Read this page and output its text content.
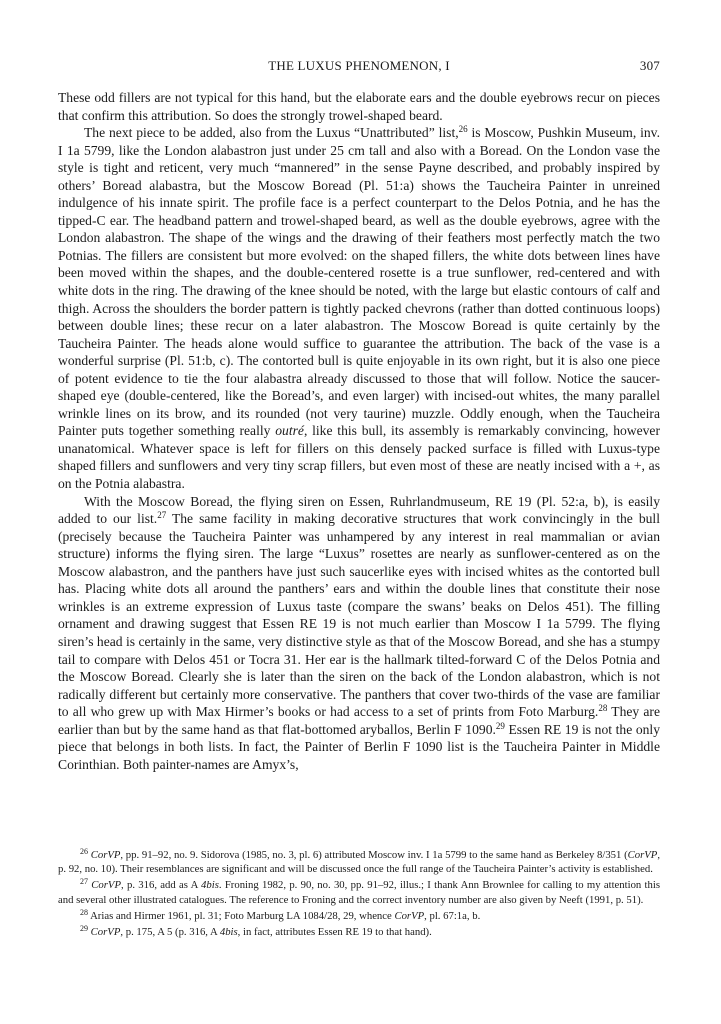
THE LUXUS PHENOMENON, I	307

These odd fillers are not typical for this hand, but the elaborate ears and the double eyebrows recur on pieces that confirm this attribution. So does the strongly trowel-shaped beard.

The next piece to be added, also from the Luxus “Unattributed” list,$^{26}$ is Moscow, Pushkin Museum, inv. I 1a 5799, like the London alabastron just under 25 cm tall and also with a Boread. On the London vase the style is tight and reticent, very much “mannered” in the sense Payne described, and probably inspired by others’ Boread alabastra, but the Moscow Boread (Pl. 51:a) shows the Taucheira Painter in unreined indulgence of his innate spirit. The profile face is a perfect counterpart to the Delos Potnia, and he has the tipped-C ear. The headband pattern and trowel-shaped beard, as well as the double eyebrows, agree with the London alabastron. The shape of the wings and the drawing of their feathers most perfectly match the two Potnias. The fillers are consistent but more evolved: on the shaped fillers, the white dots between lines have been moved within the shapes, and the double-centered rosette is a true sunflower, red-centered and with white dots in the ring. The drawing of the knee should be noted, with the large but elastic contours of calf and thigh. Across the shoulders the border pattern is tightly packed chevrons (rather than dotted continuous loops) between double lines; these recur on a later alabastron. The Moscow Boread is quite certainly by the Taucheira Painter. The heads alone would suffice to guarantee the attribution. The back of the vase is a wonderful surprise (Pl. 51:b, c). The contorted bull is quite enjoyable in its own right, but it is also one piece of potent evidence to tie the four alabastra already discussed to those that will follow. Notice the saucer-shaped eye (double-centered, like the Boread’s, and even larger) with incised-out whites, the many parallel wrinkle lines on its brow, and its rounded (not very taurine) muzzle. Oddly enough, when the Taucheira Painter puts together something really outré, like this bull, its assembly is remarkably convincing, however unanatomical. Whatever space is left for fillers on this densely packed surface is filled with Luxus-type shaped fillers and sunflowers and very tiny scrap fillers, but even most of these are neatly incised with a +, as on the Potnia alabastra.

With the Moscow Boread, the flying siren on Essen, Ruhrlandmuseum, RE 19 (Pl. 52:a, b), is easily added to our list.$^{27}$ The same facility in making decorative structures that work convincingly in the bull (precisely because the Taucheira Painter was unhampered by any interest in real mammalian or avian structure) informs the flying siren. The large “Luxus” rosettes are nearly as sunflower-centered as on the Moscow alabastron, and the panthers have just such saucerlike eyes with incised whites as the contorted bull has. Placing white dots all around the panthers’ ears and within the double lines that constitute their nose wrinkles is an extreme expression of Luxus taste (compare the swans’ beaks on Delos 451). The filling ornament and drawing suggest that Essen RE 19 is not much earlier than Moscow I 1a 5799. The flying siren’s head is certainly in the same, very distinctive style as that of the Moscow Boread, and she has a stumpy tail to compare with Delos 451 or Tocra 31. Her ear is the hallmark tilted-forward C of the Delos Potnia and the Moscow Boread. Clearly she is later than the siren on the back of the London alabastron, which is not radically different but certainly more conservative. The panthers that cover two-thirds of the vase are familiar to all who grew up with Max Hirmer’s books or had access to a set of prints from Foto Marburg.$^{28}$ They are earlier than but by the same hand as that flat-bottomed aryballos, Berlin F 1090.29 Essen RE 19 is not the only piece that belongs in both lists. In fact, the Painter of Berlin F 1090 list is the Taucheira Painter in Middle Corinthian. Both painter-names are Amyx’s,

$^{26}$ CorVP, pp. 91–92, no. 9. Sidorova (1985, no. 3, pl. 6) attributed Moscow inv. I 1a 5799 to the same hand as Berkeley 8/351 (CorVP, p. 92, no. 10). Their resemblances are significant and will be discussed once the full range of the Taucheira Painter’s activity is established.

$^{27}$ CorVP, p. 316, add as A 4bis. Froning 1982, p. 90, no. 30, pp. 91–92, illus.; I thank Ann Brownlee for calling to my attention this and several other illustrated catalogues. The reference to Froning and the correct inventory number are also given by Neeft (1991, p. 51).

$^{28}$ Arias and Hirmer 1961, pl. 31; Foto Marburg LA 1084/28, 29, whence CorVP, pl. 67:1a, b.

$^{29}$ CorVP, p. 175, A 5 (p. 316, A 4bis, in fact, attributes Essen RE 19 to that hand).
